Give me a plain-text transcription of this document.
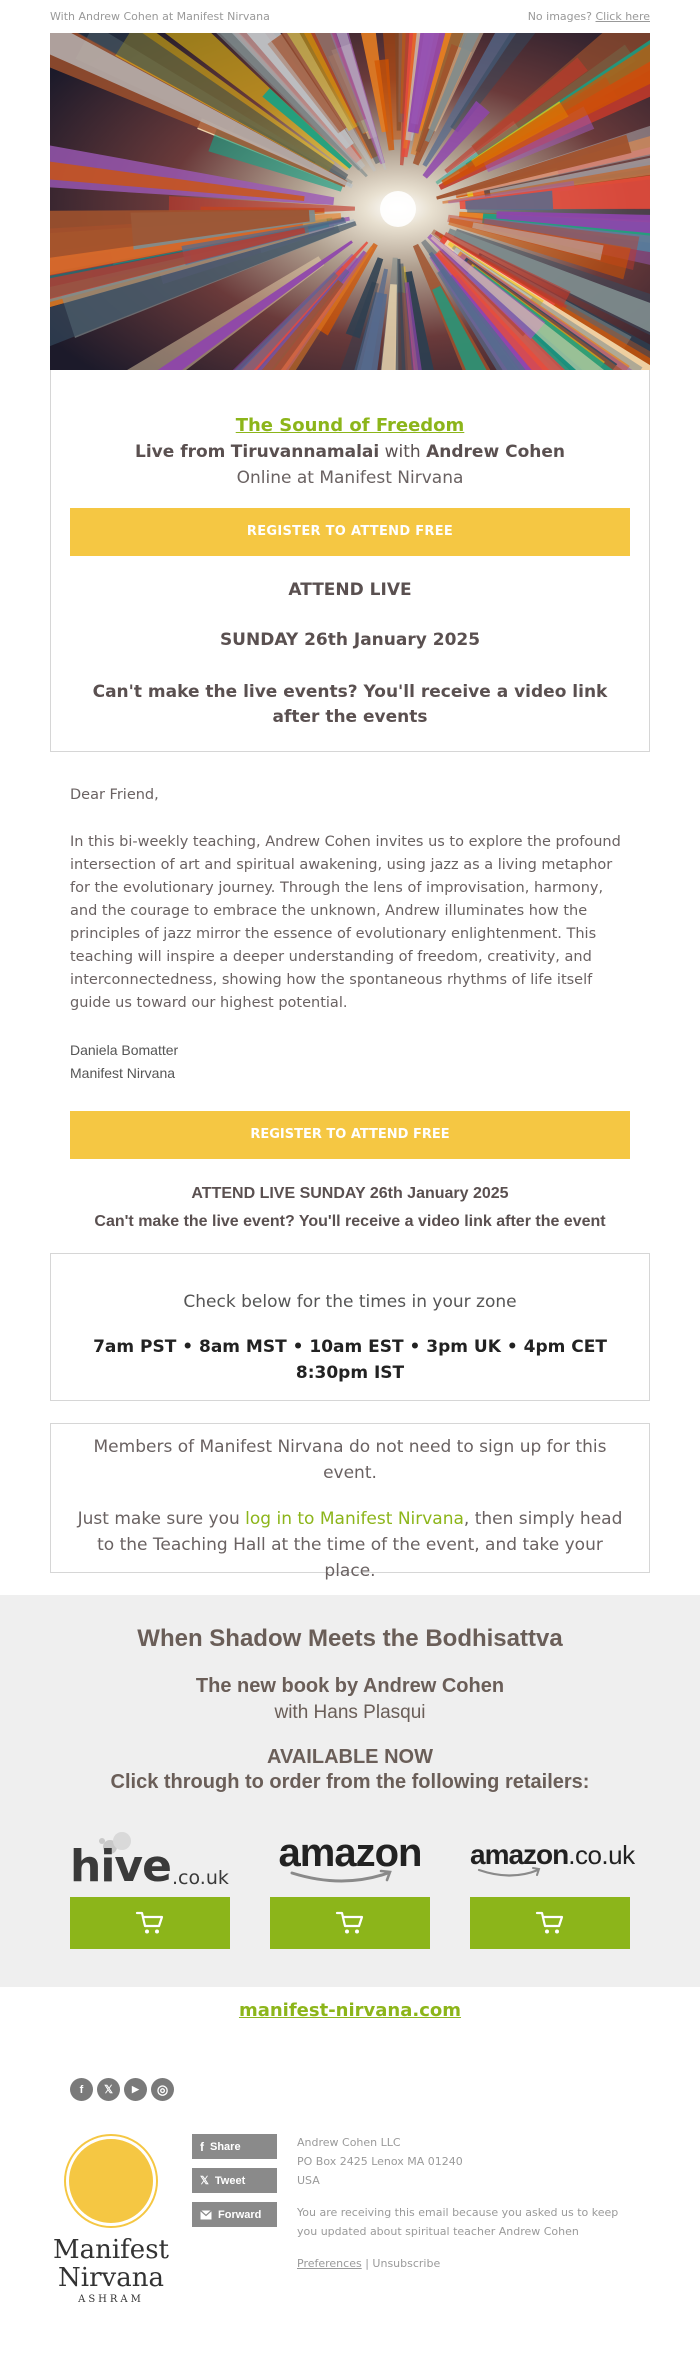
With Andrew Cohen at Manifest Nirvana	No images? Click here
The Sound of Freedom
Live from Tiruvannamalai with Andrew Cohen
Online at Manifest Nirvana
REGISTER TO ATTEND FREE
ATTEND LIVE
SUNDAY 26th January 2025
Can't make the live events? You'll receive a video link after the events

Dear Friend,

In this bi-weekly teaching, Andrew Cohen invites us to explore the profound intersection of art and spiritual awakening, using jazz as a living metaphor for the evolutionary journey. Through the lens of improvisation, harmony, and the courage to embrace the unknown, Andrew illuminates how the principles of jazz mirror the essence of evolutionary enlightenment. This teaching will inspire a deeper understanding of freedom, creativity, and interconnectedness, showing how the spontaneous rhythms of life itself guide us toward our highest potential.

Daniela Bomatter
Manifest Nirvana
REGISTER TO ATTEND FREE
ATTEND LIVE SUNDAY 26th January 2025
Can't make the live event? You'll receive a video link after the event
Check below for the times in your zone
7am PST • 8am MST • 10am EST • 3pm UK • 4pm CET
8:30pm IST

Members of Manifest Nirvana do not need to sign up for this event.

Just make sure you log in to Manifest Nirvana, then simply head to the Teaching Hall at the time of the event, and take your place.

When Shadow Meets the Bodhisattva
The new book by Andrew Cohen
with Hans Plasqui
AVAILABLE NOW
Click through to order from the following retailers:
hive .co.uk
amazon	amazon.co.uk
manifest-nirvana.com
f	𝕏	▶	◎
Manifest
Nirvana
ASHRAM
f Share
𝕏 Tweet
Forward

Andrew Cohen LLC
PO Box 2425 Lenox MA 01240
USA

You are receiving this email because you asked us to keep you updated about spiritual teacher Andrew Cohen

Preferences | Unsubscribe
